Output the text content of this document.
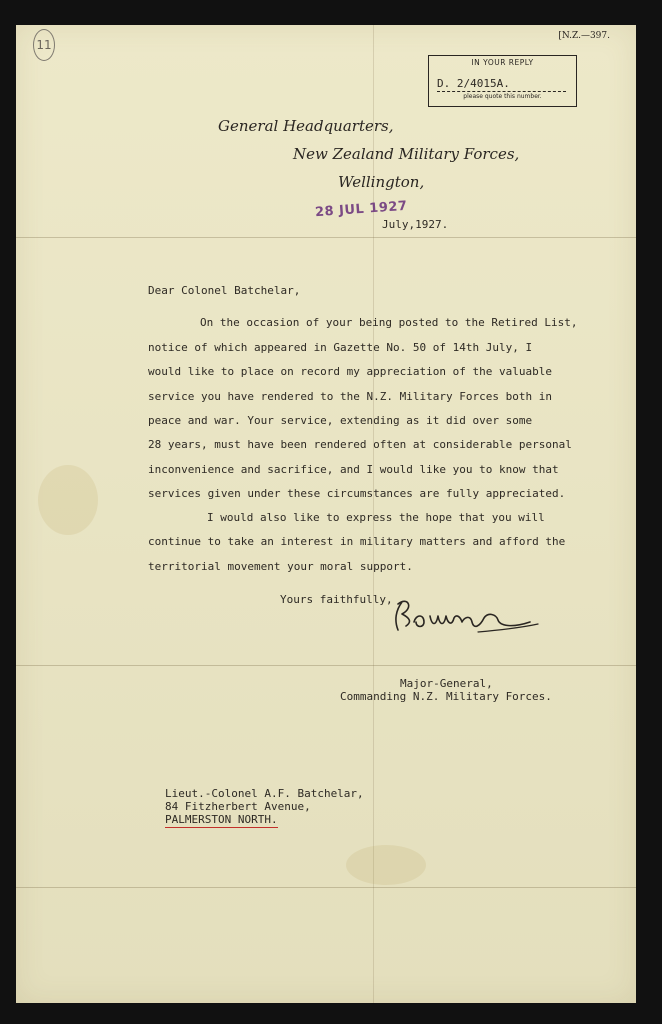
11
[N.Z.—397.
IN YOUR REPLY
D. 2/4015A.
please quote this number.
General Headquarters,
New Zealand Military Forces,
Wellington,
July,1927.
28 JUL 1927
Dear Colonel Batchelar,
On the occasion of your being posted to the Retired List,
notice of which appeared in Gazette No. 50 of 14th July, I
would like to place on record my appreciation of the valuable
service you have rendered to the N.Z. Military Forces both in
peace and war. Your service, extending as it did over some
28 years, must have been rendered often at considerable personal
inconvenience and sacrifice, and I would like you to know that
services given under these circumstances are fully appreciated.
I would also like to express the hope that you will
continue to take an interest in military matters and afford the
territorial movement your moral support.
Yours faithfully,
Major-General,
Commanding N.Z. Military Forces.
Lieut.-Colonel A.F. Batchelar,
84 Fitzherbert Avenue,
PALMERSTON NORTH.
